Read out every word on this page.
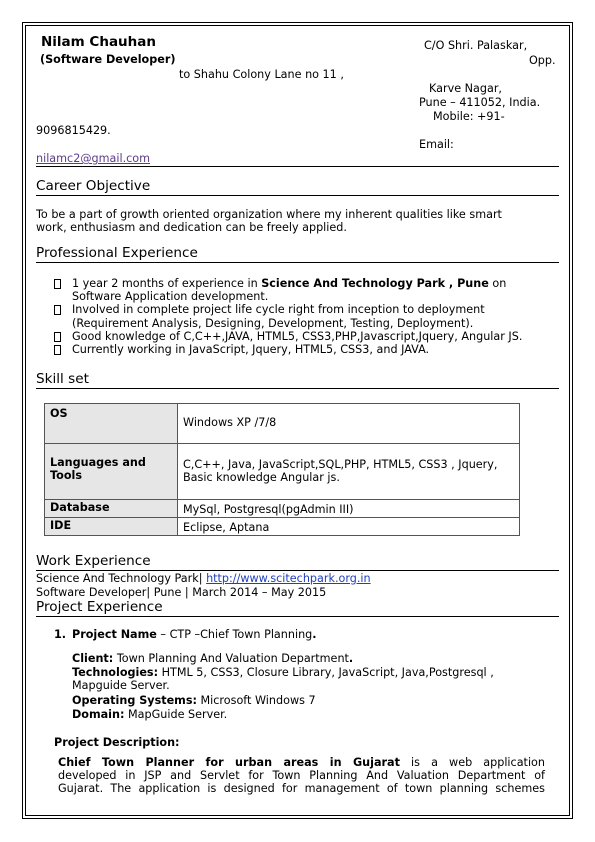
Nilam Chauhan
(Software Developer)
C/O Shri. Palaskar,
Opp.
to Shahu Colony Lane no 11 ,
Karve Nagar,
Pune – 411052, India.
Mobile: +91-
9096815429.
Email:
nilamc2@gmail.com
Career Objective
To be a part of growth oriented organization where my inherent qualities like smart
work, enthusiasm and dedication can be freely applied.
Professional Experience
1 year 2 months of experience in Science And Technology Park , Pune on
Software Application development.
Involved in complete project life cycle right from inception to deployment
(Requirement Analysis, Designing, Development, Testing, Deployment).
Good knowledge of C,C++,JAVA, HTML5, CSS3,PHP,Javascript,Jquery, Angular JS.
Currently working in JavaScript, Jquery, HTML5, CSS3, and JAVA.
Skill set
OS	Windows XP /7/8
Languages and Tools	C,C++, Java, JavaScript,SQL,PHP, HTML5, CSS3 , Jquery, Basic knowledge Angular js.
Database	MySql, Postgresql(pgAdmin III)
IDE	Eclipse, Aptana
Work Experience
Science And Technology Park| http://www.scitechpark.org.in
Software Developer| Pune | March 2014 – May 2015
Project Experience
1. Project Name – CTP –Chief Town Planning.
Client: Town Planning And Valuation Department.
Technologies: HTML 5, CSS3, Closure Library, JavaScript, Java,Postgresql ,
Mapguide Server.
Operating Systems: Microsoft Windows 7
Domain: MapGuide Server.
Project Description:
Chief Town Planner for urban areas in Gujarat is a web application
developed in JSP and Servlet for Town Planning And Valuation Department of
Gujarat. The application is designed for management of town planning schemes
